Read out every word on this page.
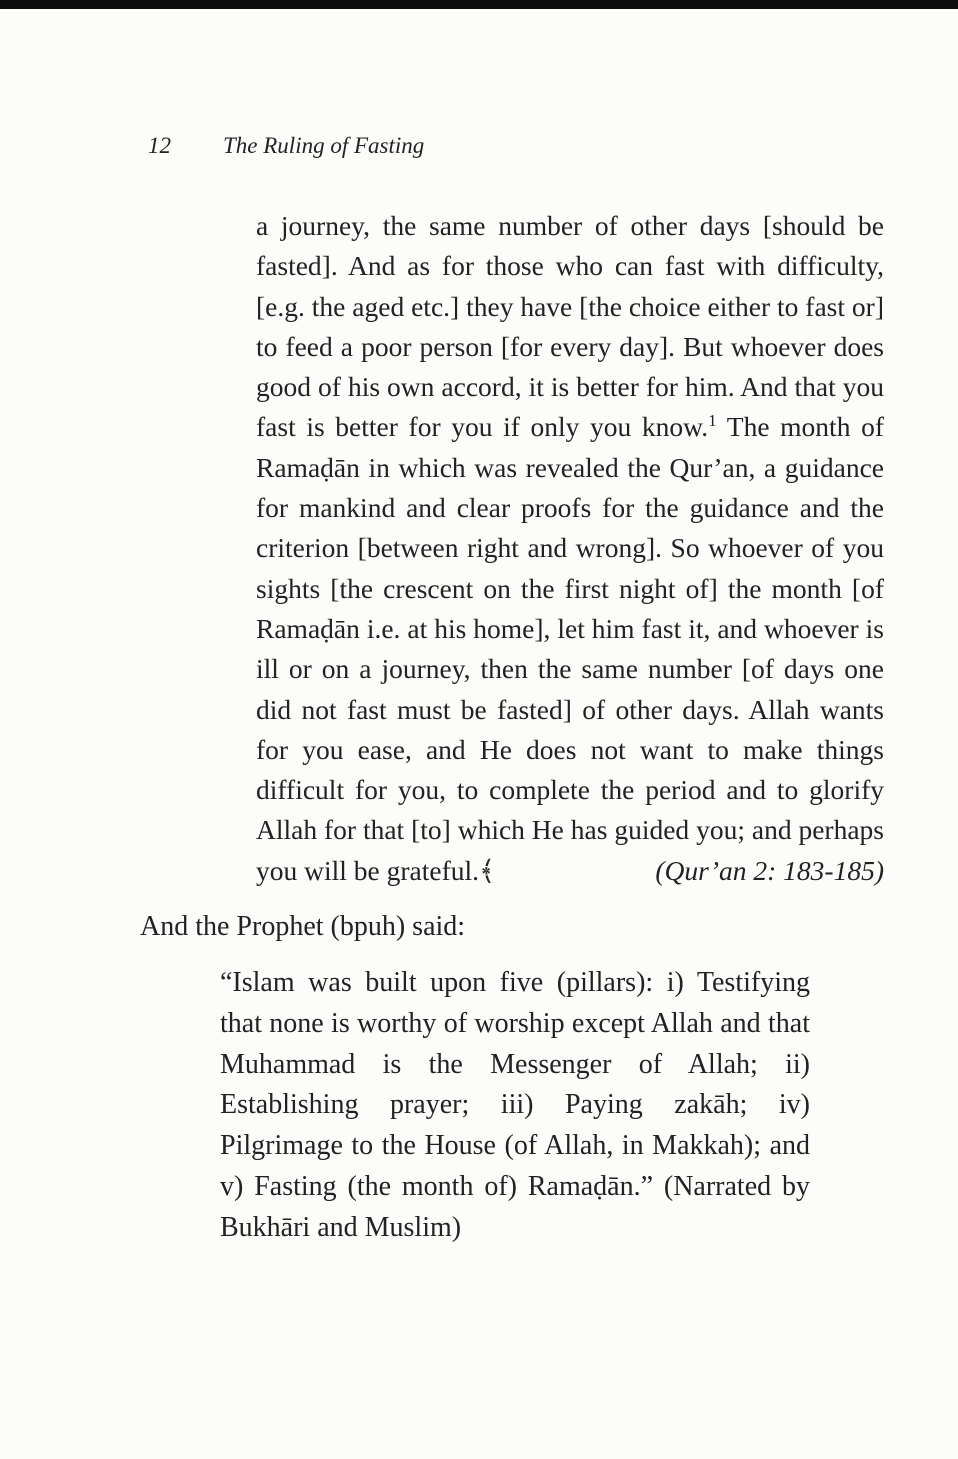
12 The Ruling of Fasting

a journey, the same number of other days [should be fasted]. And as for those who can fast with difficulty, [e.g. the aged etc.] they have [the choice either to fast or] to feed a poor person [for every day]. But whoever does good of his own accord, it is better for him. And that you fast is better for you if only you know.$^1$ The month of Ramaḍān in which was revealed the Qur’an, a guidance for mankind and clear proofs for the guidance and the criterion [between right and wrong]. So whoever of you sights [the crescent on the first night of] the month [of Ramaḍān i.e. at his home], let him fast it, and whoever is ill or on a journey, then the same number [of days one did not fast must be fasted] of other days. Allah wants for you ease, and He does not want to make things difficult for you, to complete the period and to glorify Allah for that [to] which He has guided you; and perhaps you will be grateful.﴾	(Qur’an 2: 183-185)

And the Prophet (bpuh) said:

“Islam was built upon five (pillars): i) Testifying that none is worthy of worship except Allah and that Muhammad is the Messenger of Allah; ii) Establishing prayer; iii) Paying zakāh; iv) Pilgrimage to the House (of Allah, in Makkah); and v) Fasting (the month of) Ramaḍān.” (Narrated by Bukhāri and Muslim)
